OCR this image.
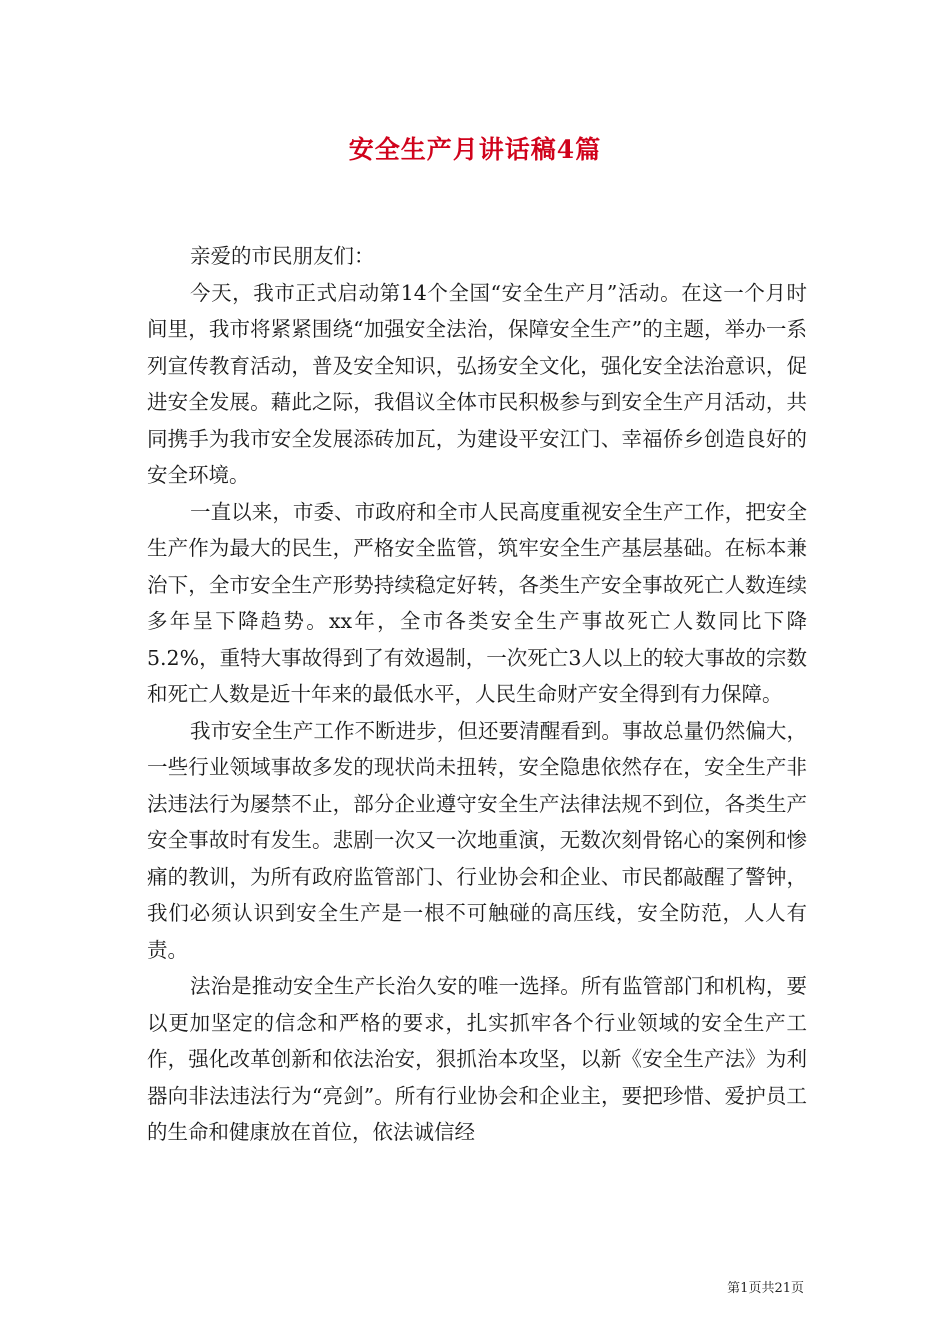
安全生产月讲话稿4篇

亲爱的市民朋友们：

今天，我市正式启动第14个全国“安全生产月”活动。在这一个月时间里，我市将紧紧围绕“加强安全法治，保障安全生产”的主题，举办一系列宣传教育活动，普及安全知识，弘扬安全文化，强化安全法治意识，促进安全发展。藉此之际，我倡议全体市民积极参与到安全生产月活动，共同携手为我市安全发展添砖加瓦，为建设平安江门、幸福侨乡创造良好的安全环境。

一直以来，市委、市政府和全市人民高度重视安全生产工作，把安全生产作为最大的民生，严格安全监管，筑牢安全生产基层基础。在标本兼治下，全市安全生产形势持续稳定好转，各类生产安全事故死亡人数连续多年呈下降趋势。xx年，全市各类安全生产事故死亡人数同比下降5.2%，重特大事故得到了有效遏制，一次死亡3人以上的较大事故的宗数和死亡人数是近十年来的最低水平，人民生命财产安全得到有力保障。

我市安全生产工作不断进步，但还要清醒看到。事故总量仍然偏大，一些行业领域事故多发的现状尚未扭转，安全隐患依然存在，安全生产非法违法行为屡禁不止，部分企业遵守安全生产法律法规不到位，各类生产安全事故时有发生。悲剧一次又一次地重演，无数次刻骨铭心的案例和惨痛的教训，为所有政府监管部门、行业协会和企业、市民都敲醒了警钟，我们必须认识到安全生产是一根不可触碰的高压线，安全防范，人人有责。

法治是推动安全生产长治久安的唯一选择。所有监管部门和机构，要以更加坚定的信念和严格的要求，扎实抓牢各个行业领域的安全生产工作，强化改革创新和依法治安，狠抓治本攻坚，以新《安全生产法》为利器向非法违法行为“亮剑”。所有行业协会和企业主，要把珍惜、爱护员工的生命和健康放在首位，依法诚信经

第1页共21页
